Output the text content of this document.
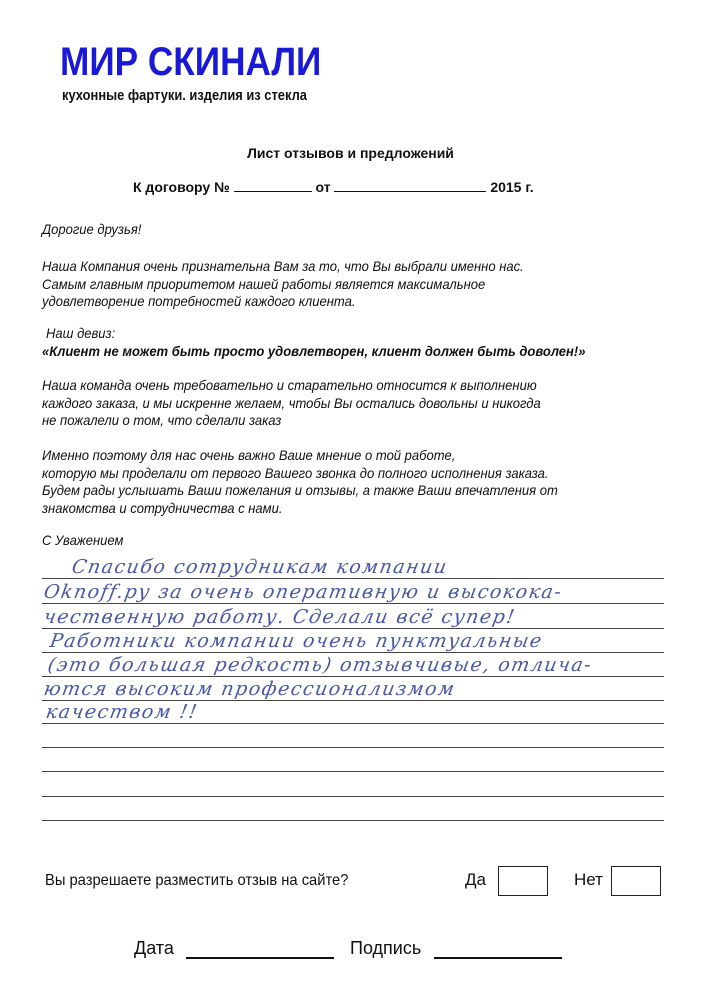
МИР СКИНАЛИ
кухонные фартуки. изделия из стекла
Лист отзывов и предложений
К договору №	от	2015 г.
Дорогие друзья!
Наша Компания очень признательна Вам за то, что Вы выбрали именно нас.
Самым главным приоритетом нашей работы является максимальное
удовлетворение потребностей каждого клиента.
Наш девиз:
«Клиент не может быть просто удовлетворен, клиент должен быть доволен!»
Наша команда очень требовательно и старательно относится к выполнению
каждого заказа, и мы искренне желаем, чтобы Вы остались довольны и никогда
не пожалели о том, что сделали заказ
Именно поэтому для нас очень важно Ваше мнение о той работе,
которую мы проделали от первого Вашего звонка до полного исполнения заказа.
Будем рады услышать Ваши пожелания и отзывы, а также Ваши впечатления от
знакомства и сотрудничества с нами.
С Уважением
Спасибо сотрудникам компании
Oknoff.ру за очень оперативную и высокока-
чественную работу. Сделали всё супер!
Работники компании очень пунктуальные
(это большая редкость) отзывчивые, отлича-
ются высоким профессионализмом
качеством !!
Вы разрешаете разместить отзыв на сайте?	Да	Нет
Дата	Подпись
